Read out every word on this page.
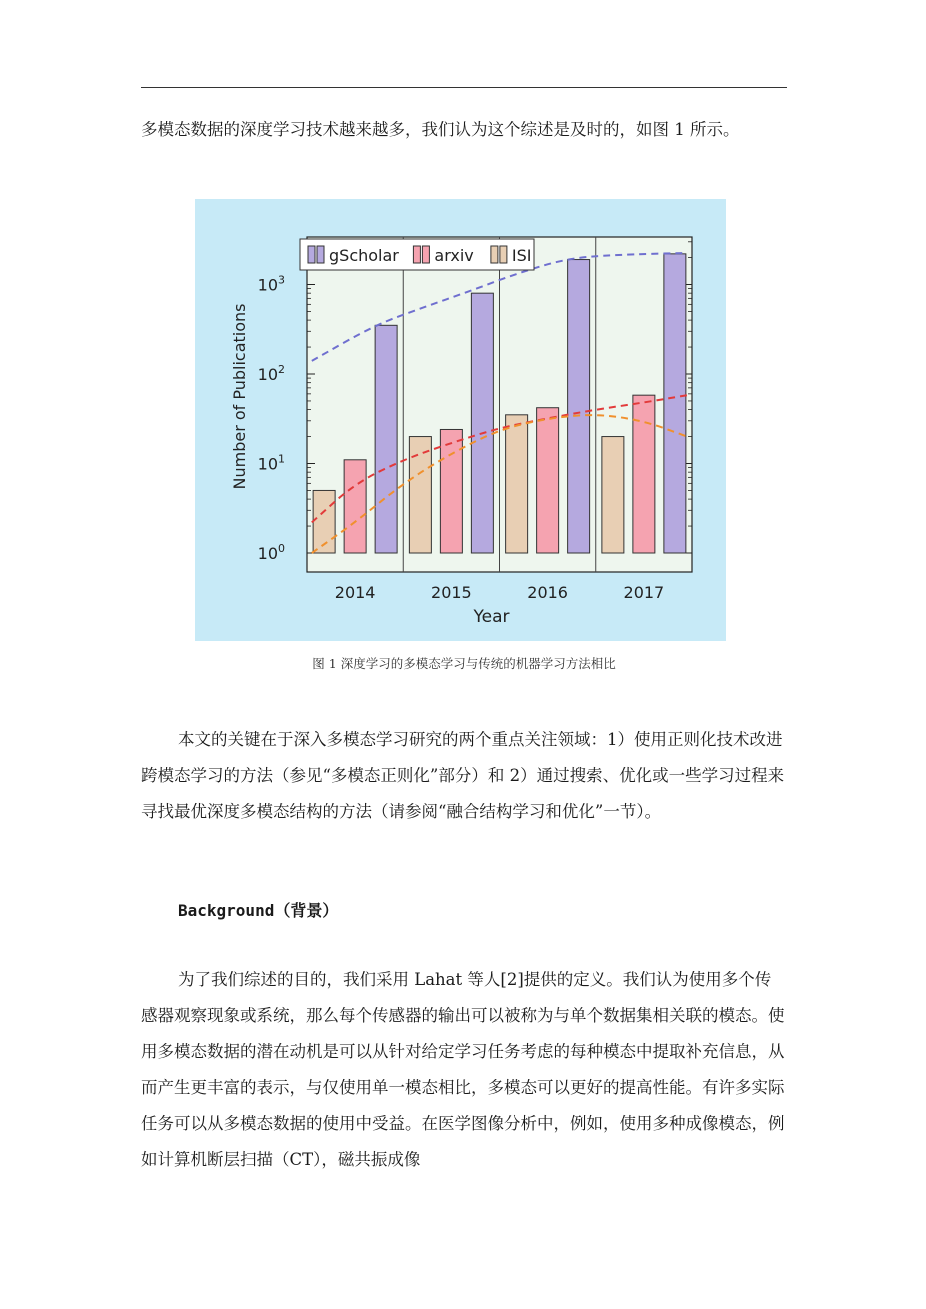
多模态数据的深度学习技术越来越多，我们认为这个综述是及时的，如图 1 所示。

$10^0$
$10^1$
$10^2$
$10^3$
2014	2015	2016	2017
Year
Number of Publications
gScholar arxiv ISI
图 1 深度学习的多模态学习与传统的机器学习方法相比

本文的关键在于深入多模态学习研究的两个重点关注领域：1）使用正则化技术改进跨模态学习的方法（参见“多模态正则化”部分）和 2）通过搜索、优化或一些学习过程来寻找最优深度多模态结构的方法（请参阅“融合结构学习和优化”一节）。

Background（背景）

为了我们综述的目的，我们采用 Lahat 等人[2]提供的定义。我们认为使用多个传感器观察现象或系统，那么每个传感器的输出可以被称为与单个数据集相关联的模态。使用多模态数据的潜在动机是可以从针对给定学习任务考虑的每种模态中提取补充信息，从而产生更丰富的表示，与仅使用单一模态相比，多模态可以更好的提高性能。有许多实际任务可以从多模态数据的使用中受益。在医学图像分析中，例如，使用多种成像模态，例如计算机断层扫描（CT），磁共振成像
